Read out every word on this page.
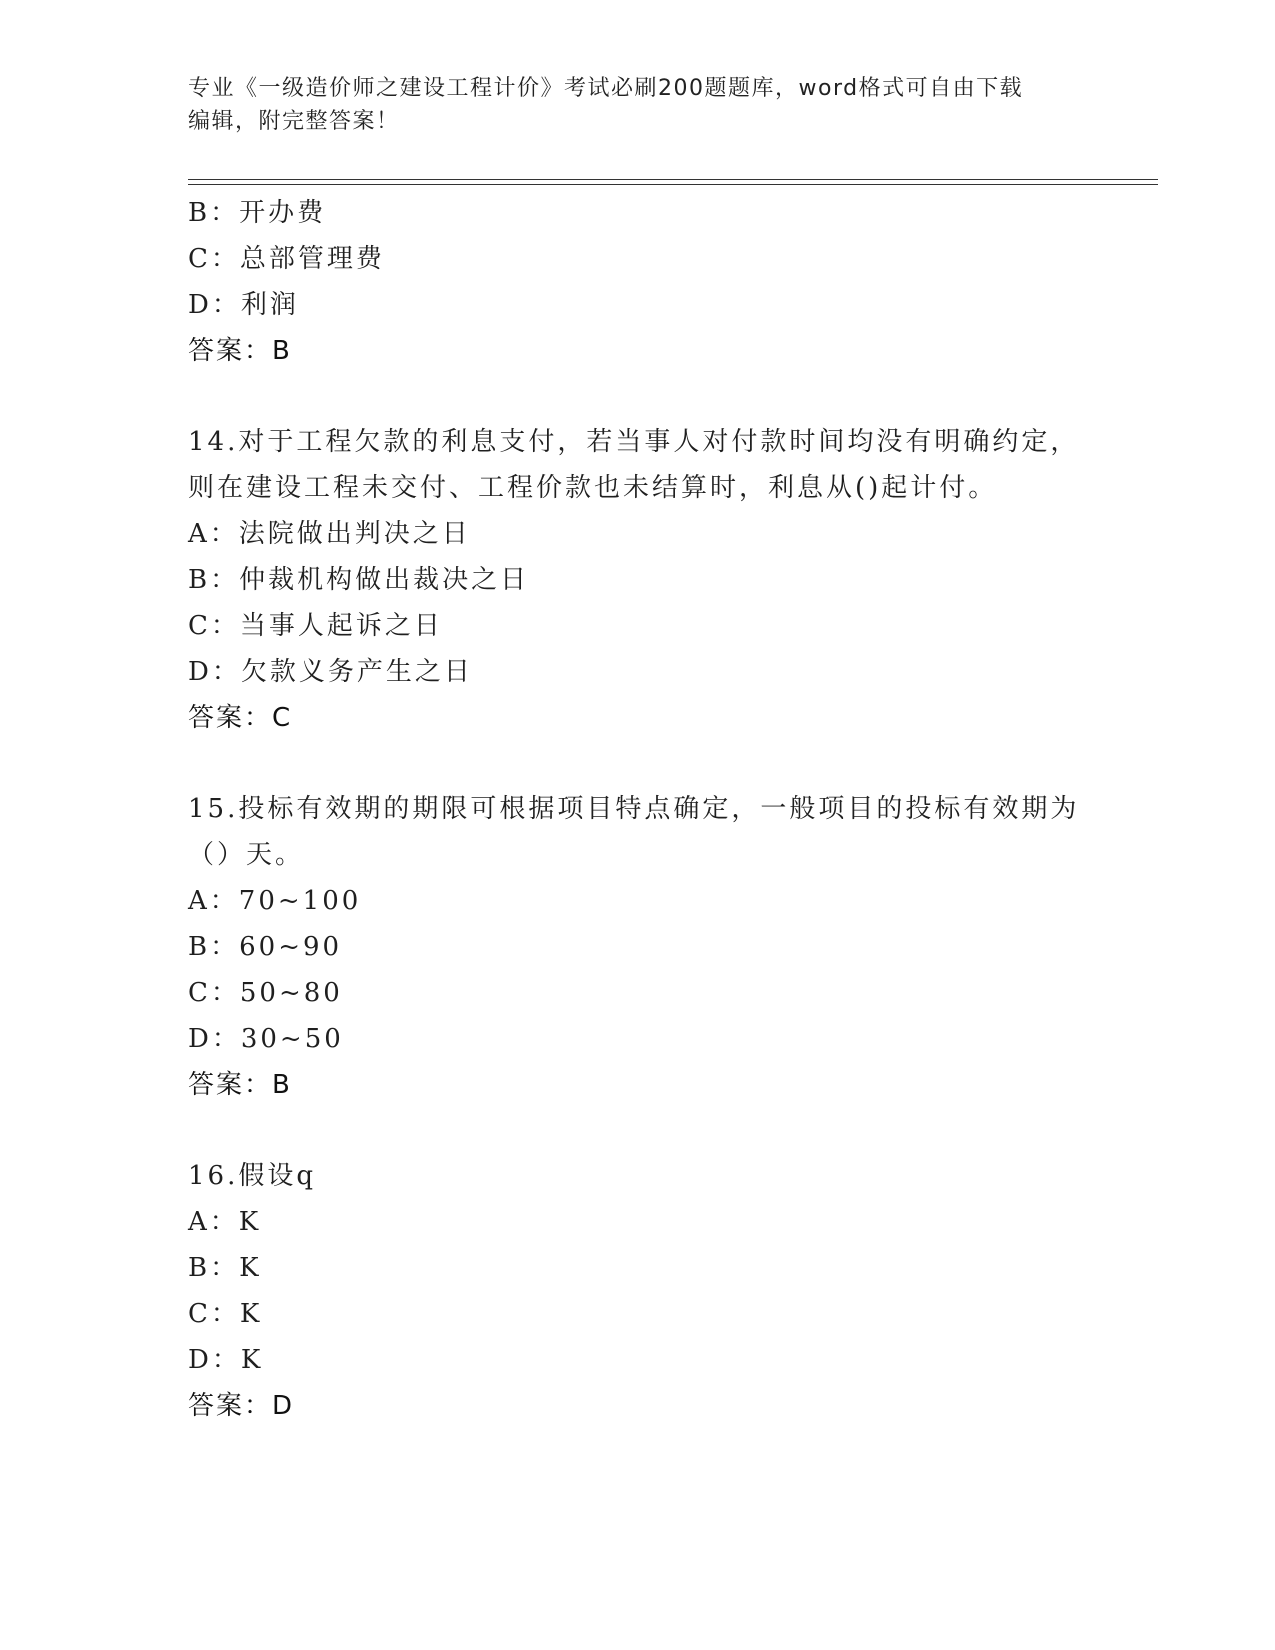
专业《一级造价师之建设工程计价》考试必刷200题题库，word格式可自由下载
编辑，附完整答案！
B：开办费
C：总部管理费
D：利润
答案：B
14.对于工程欠款的利息支付，若当事人对付款时间均没有明确约定，
则在建设工程未交付、工程价款也未结算时，利息从()起计付。
A：法院做出判决之日
B：仲裁机构做出裁决之日
C：当事人起诉之日
D：欠款义务产生之日
答案：C
15.投标有效期的期限可根据项目特点确定，一般项目的投标有效期为
（）天。
A：70~100
B：60~90
C：50~80
D：30~50
答案：B
16.假设q
A：K
B：K
C：K
D：K
答案：D
